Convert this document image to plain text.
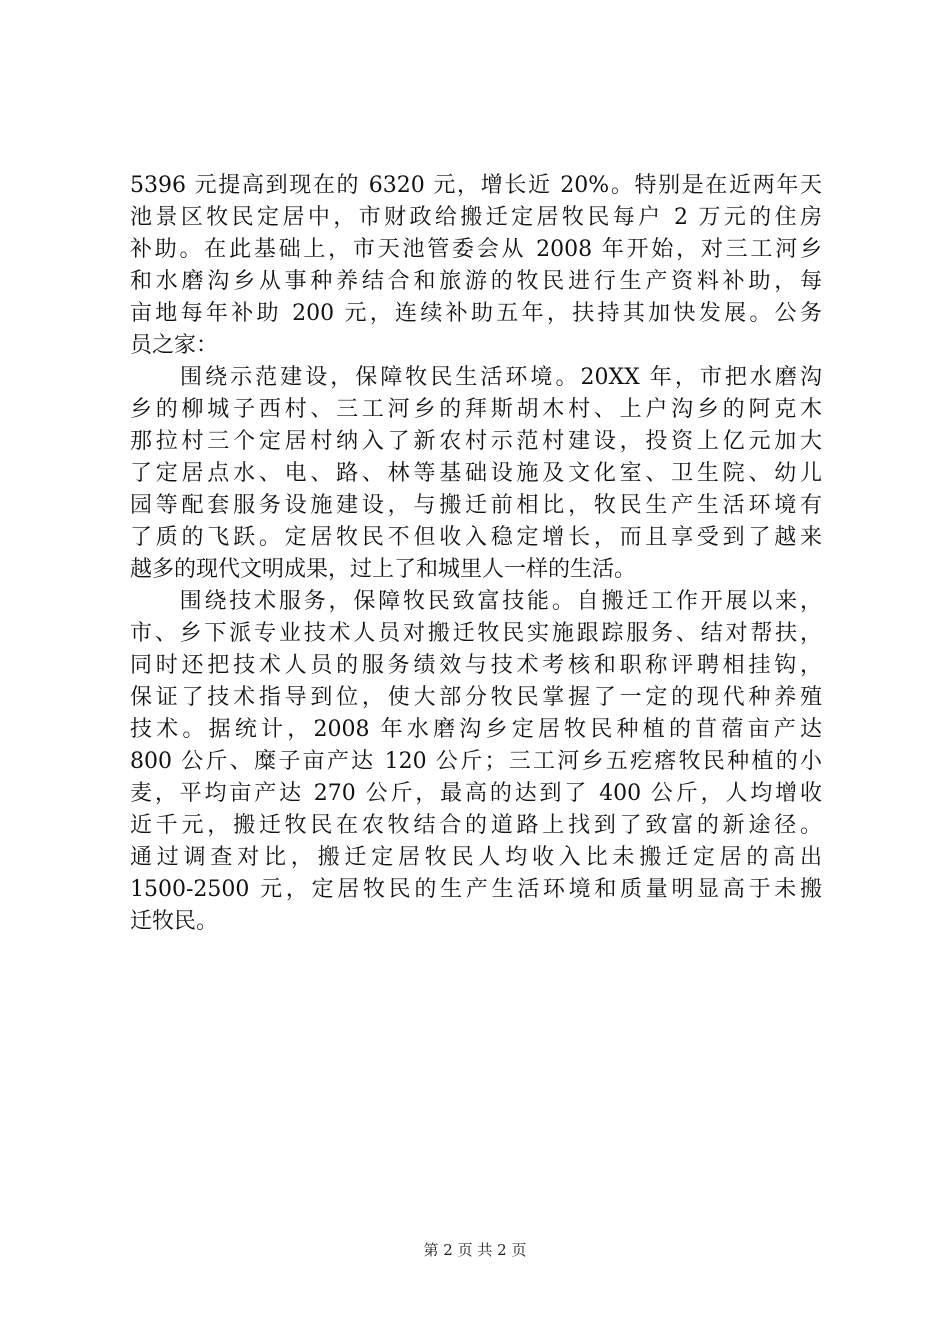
5396 元提高到现在的 6320 元，增长近 20%。特别是在近两年天
池景区牧民定居中，市财政给搬迁定居牧民每户 2 万元的住房
补助。在此基础上，市天池管委会从 2008 年开始，对三工河乡
和水磨沟乡从事种养结合和旅游的牧民进行生产资料补助，每
亩地每年补助 200 元，连续补助五年，扶持其加快发展。公务
员之家：
　　围绕示范建设，保障牧民生活环境。20XX 年，市把水磨沟
乡的柳城子西村、三工河乡的拜斯胡木村、上户沟乡的阿克木
那拉村三个定居村纳入了新农村示范村建设，投资上亿元加大
了定居点水、电、路、林等基础设施及文化室、卫生院、幼儿
园等配套服务设施建设，与搬迁前相比，牧民生产生活环境有
了质的飞跃。定居牧民不但收入稳定增长，而且享受到了越来
越多的现代文明成果，过上了和城里人一样的生活。
　　围绕技术服务，保障牧民致富技能。自搬迁工作开展以来，
市、乡下派专业技术人员对搬迁牧民实施跟踪服务、结对帮扶，
同时还把技术人员的服务绩效与技术考核和职称评聘相挂钩，
保证了技术指导到位，使大部分牧民掌握了一定的现代种养殖
技术。据统计，2008 年水磨沟乡定居牧民种植的苜蓿亩产达
800 公斤、糜子亩产达 120 公斤；三工河乡五疙瘩牧民种植的小
麦，平均亩产达 270 公斤，最高的达到了 400 公斤，人均增收
近千元，搬迁牧民在农牧结合的道路上找到了致富的新途径。
通过调查对比，搬迁定居牧民人均收入比未搬迁定居的高出
1500-2500 元，定居牧民的生产生活环境和质量明显高于未搬
迁牧民。
第 2 页 共 2 页
